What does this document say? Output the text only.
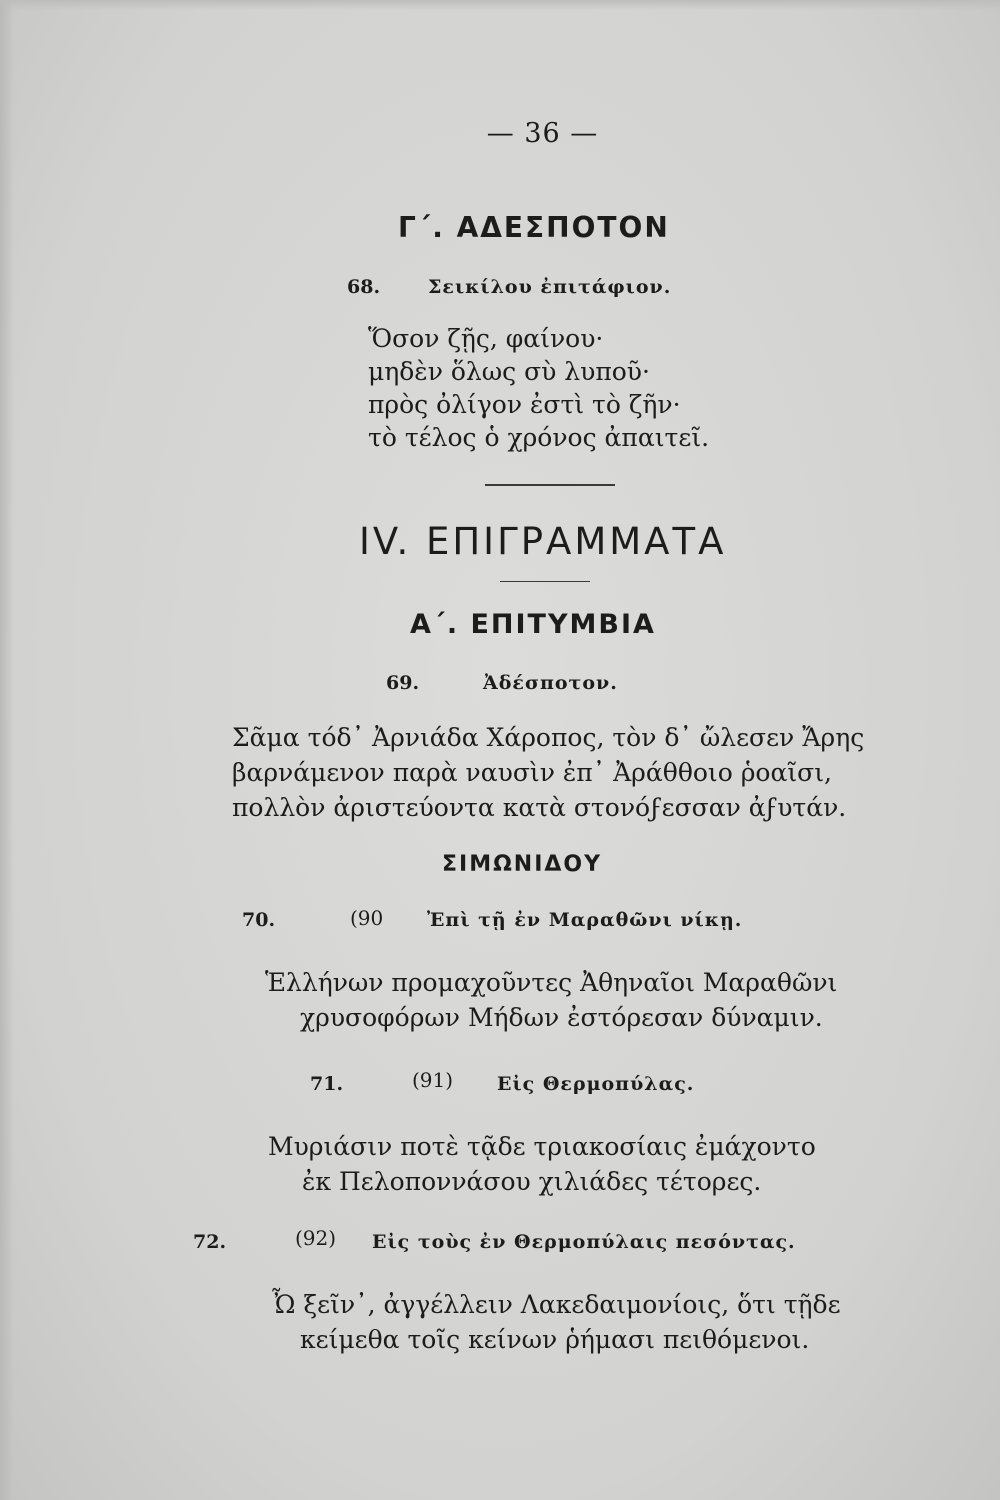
— 36 —
Γ΄. ΑΔΕΣΠΟΤΟΝ
68.	Σεικίλου ἐπιτάφιον.
Ὅσον ζῇς, φαίνου·
μηδὲν ὅλως σὺ λυποῦ·
πρὸς ὀλίγον ἐστὶ τὸ ζῆν·
τὸ τέλος ὁ χρόνος ἀπαιτεῖ.
IV. ΕΠΙΓΡΑΜΜΑΤΑ
Α΄. ΕΠΙΤΥΜΒΙΑ
69.	Ἀδέσποτον.
Σᾶμα τόδ᾽ Ἀρνιάδα Χάροπος, τὸν δ᾽ ὤλεσεν Ἄρης
βαρνάμενον παρὰ ναυσὶν ἐπ᾽ Ἀράθθοιο ῥοαῖσι,
πολλὸν ἀριστεύοντα κατὰ στονόϝεσσαν ἀϝυτάν.
ΣΙΜΩΝΙΔΟΥ
70.	(90 Ἐπὶ τῇ ἐν Μαραθῶνι νίκῃ.
Ἑλλήνων προμαχοῦντες Ἀθηναῖοι Μαραθῶνι
χρυσοφόρων Μήδων ἐστόρεσαν δύναμιν.
71.	(91) Εἰς Θερμοπύλας.
Μυριάσιν ποτὲ τᾷδε τριακοσίαις ἐμάχοντο
ἐκ Πελοποννάσου χιλιάδες τέτορες.
72.	(92) Εἰς τοὺς ἐν Θερμοπύλαις πεσόντας.
Ὦ ξεῖν᾽, ἀγγέλλειν Λακεδαιμονίοις, ὅτι τῇδε
κείμεθα τοῖς κείνων ῥήμασι πειθόμενοι.
